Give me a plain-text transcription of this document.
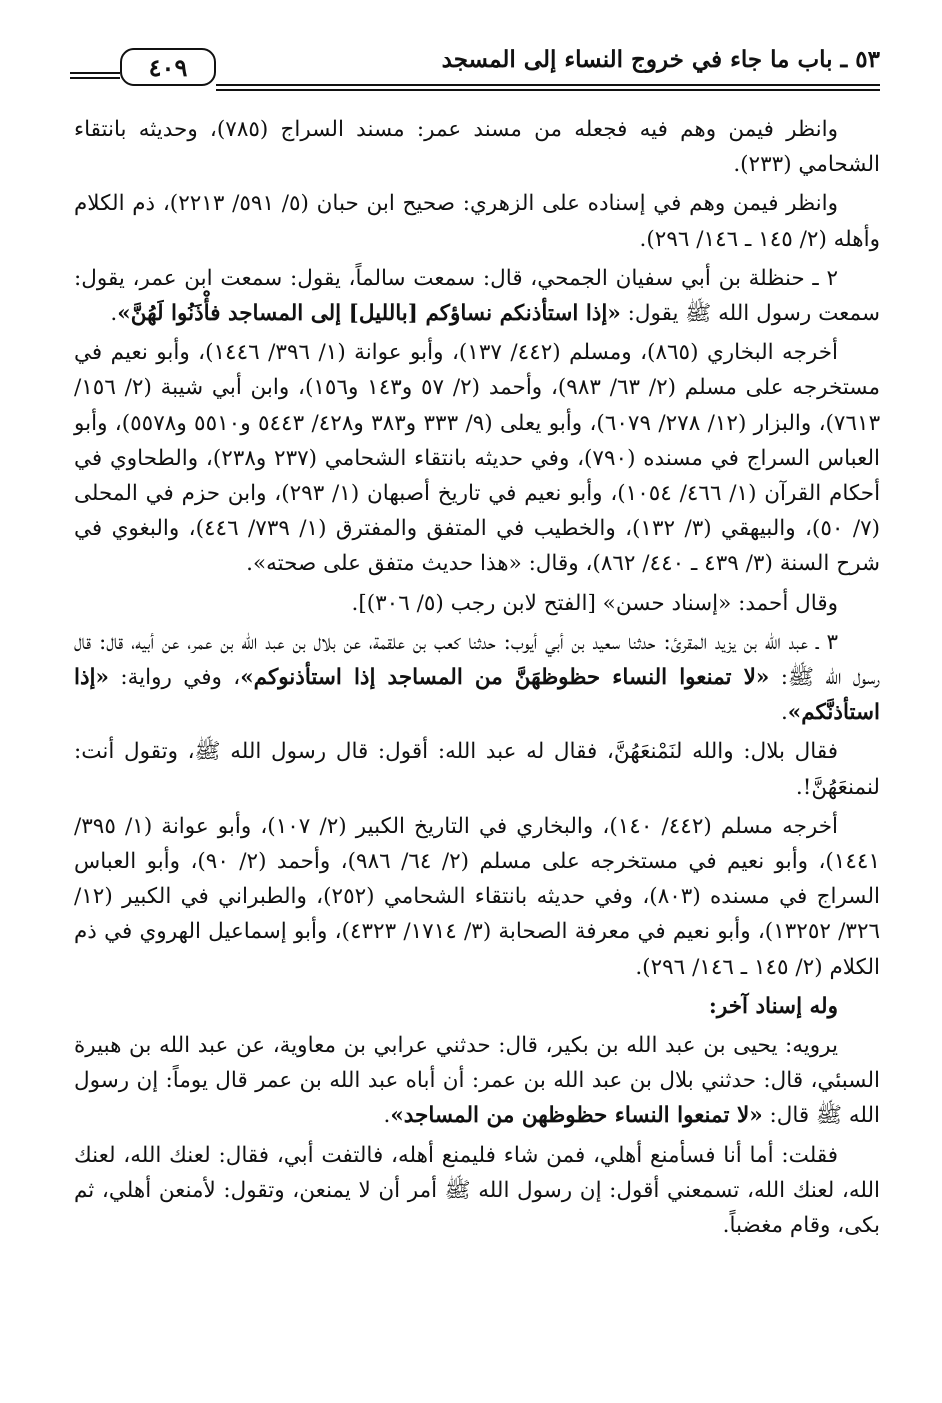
٤٠٩	٥٣ ـ باب ما جاء في خروج النساء إلى المسجد

وانظر فيمن وهم فيه فجعله من مسند عمر: مسند السراج (٧٨٥)، وحديثه بانتقاء الشحامي (٢٣٣).

وانظر فيمن وهم في إسناده على الزهري: صحيح ابن حبان (٥/ ٥٩١/ ٢٢١٣)، ذم الكلام وأهله (٢/ ١٤٥ ـ ١٤٦/ ٢٩٦).

٢ ـ حنظلة بن أبي سفيان الجمحي، قال: سمعت سالماً، يقول: سمعت ابن عمر، يقول: سمعت رسول الله ﷺ يقول: «إذا استأذنكم نساؤكم [بالليل] إلى المساجد فأْذَنُوا لَهُنَّ».

أخرجه البخاري (٨٦٥)، ومسلم (٤٤٢/ ١٣٧)، وأبو عوانة (١/ ٣٩٦/ ١٤٤٦)، وأبو نعيم في مستخرجه على مسلم (٢/ ٦٣/ ٩٨٣)، وأحمد (٢/ ٥٧ و١٤٣ و١٥٦)، وابن أبي شيبة (٢/ ١٥٦/ ٧٦١٣)، والبزار (١٢/ ٢٧٨/ ٦٠٧٩)، وأبو يعلى (٩/ ٣٣٣ و٣٨٣ و٤٢٨/ ٥٤٤٣ و٥٥١٠ و٥٥٧٨)، وأبو العباس السراج في مسنده (٧٩٠)، وفي حديثه بانتقاء الشحامي (٢٣٧ و٢٣٨)، والطحاوي في أحكام القرآن (١/ ٤٦٦/ ١٠٥٤)، وأبو نعيم في تاريخ أصبهان (١/ ٢٩٣)، وابن حزم في المحلى (٧/ ٥٠)، والبيهقي (٣/ ١٣٢)، والخطيب في المتفق والمفترق (١/ ٧٣٩/ ٤٤٦)، والبغوي في شرح السنة (٣/ ٤٣٩ ـ ٤٤٠/ ٨٦٢)، وقال: «هذا حديث متفق على صحته».

وقال أحمد: «إسناد حسن» [الفتح لابن رجب (٥/ ٣٠٦)].

٣ ـ عبد الله بن يزيد المقرئ: حدثنا سعيد بن أبي أيوب: حدثنا كعب بن علقمة، عن بلال بن عبد الله بن عمر، عن أبيه، قال: قال رسول الله ﷺ: «لا تمنعوا النساء حظوظهَنَّ من المساجد إذا استأذنوكم»، وفي رواية: «إذا استأذنَّكم».

فقال بلال: والله لنَمْنعَهُنَّ، فقال له عبد الله: أقول: قال رسول الله ﷺ، وتقول أنت: لنمنعَهُنَّ!.

أخرجه مسلم (٤٤٢/ ١٤٠)، والبخاري في التاريخ الكبير (٢/ ١٠٧)، وأبو عوانة (١/ ٣٩٥/ ١٤٤١)، وأبو نعيم في مستخرجه على مسلم (٢/ ٦٤/ ٩٨٦)، وأحمد (٢/ ٩٠)، وأبو العباس السراج في مسنده (٨٠٣)، وفي حديثه بانتقاء الشحامي (٢٥٢)، والطبراني في الكبير (١٢/ ٣٢٦/ ١٣٢٥٢)، وأبو نعيم في معرفة الصحابة (٣/ ١٧١٤/ ٤٣٢٣)، وأبو إسماعيل الهروي في ذم الكلام (٢/ ١٤٥ ـ ١٤٦/ ٢٩٦).

وله إسناد آخر:

يرويه: يحيى بن عبد الله بن بكير، قال: حدثني عرابي بن معاوية، عن عبد الله بن هبيرة السبئي، قال: حدثني بلال بن عبد الله بن عمر: أن أباه عبد الله بن عمر قال يوماً: إن رسول الله ﷺ قال: «لا تمنعوا النساء حظوظهن من المساجد».

فقلت: أما أنا فسأمنع أهلي، فمن شاء فليمنع أهله، فالتفت أبي، فقال: لعنك الله، لعنك الله، لعنك الله، تسمعني أقول: إن رسول الله ﷺ أمر أن لا يمنعن، وتقول: لأمنعن أهلي، ثم بكى، وقام مغضباً.
